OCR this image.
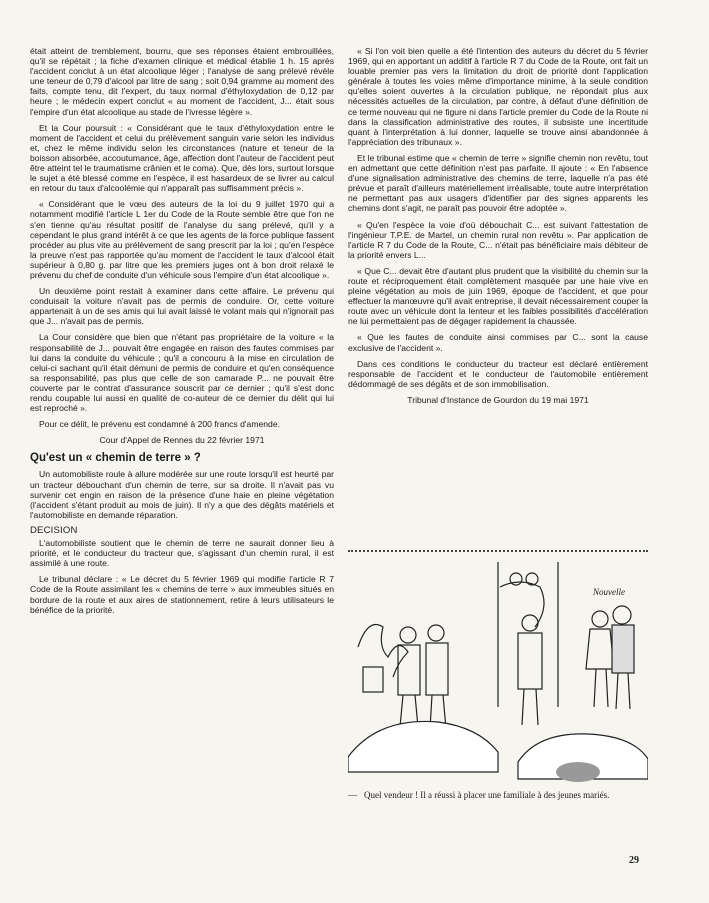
était atteint de tremblement, bourru, que ses réponses étaient embrouillées, qu'il se répétait ; la fiche d'examen clinique et médical établie 1 h. 15 après l'accident conclut à un état alcoolique léger ; l'analyse de sang prélevé révèle une teneur de 0,79 d'alcool par litre de sang ; soit 0,94 gramme au moment des faits, compte tenu, dit l'expert, du taux normal d'éthyloxydation de 0,12 par heure ; le médecin expert conclut « au moment de l'accident, J... était sous l'empire d'un état alcoolique au stade de l'ivresse légère ».

Et la Cour poursuit : « Considérant que le taux d'éthyloxydation entre le moment de l'accident et celui du prélèvement sanguin varie selon les individus et, chez le même individu selon les circonstances (nature et teneur de la boisson absorbée, accoutumance, âge, affection dont l'auteur de l'accident peut être atteint tel le traumatisme crânien et le coma). Que, dès lors, surtout lorsque le sujet a été blessé comme en l'espèce, il est hasardeux de se livrer au calcul en retour du taux d'alcoolémie qui n'apparaît pas suffisamment précis ».

« Considérant que le vœu des auteurs de la loi du 9 juillet 1970 qui a notamment modifié l'article L 1er du Code de la Route semble être que l'on ne s'en tienne qu'au résultat positif de l'analyse du sang prélevé, qu'il y a cependant le plus grand intérêt à ce que les agents de la force publique fassent procéder au plus vite au prélèvement de sang prescrit par la loi ; qu'en l'espèce la preuve n'est pas rapportée qu'au moment de l'accident le taux d'alcool était supérieur à 0,80 g. par litre que les premiers juges ont à bon droit relaxé le prévenu du chef de conduite d'un véhicule sous l'empire d'un état alcoolique ».

Un deuxième point restait à examiner dans cette affaire. Le prévenu qui conduisait la voiture n'avait pas de permis de conduire. Or, cette voiture appartenait à un de ses amis qui lui avait laissé le volant mais qui n'ignorait pas que J... n'avait pas de permis.

La Cour considère que bien que n'étant pas propriétaire de la voiture « la responsabilité de J... pouvait être engagée en raison des fautes commises par lui dans la conduite du véhicule ; qu'il a concouru à la mise en circulation de celui-ci sachant qu'il était démuni de permis de conduire et qu'en conséquence sa responsabilité, pas plus que celle de son camarade P... ne pouvait être couverte par le contrat d'assurance souscrit par ce dernier ; qu'il s'est donc rendu coupable lui aussi en qualité de co-auteur de ce dernier du délit qui lui est reproché ».

Pour ce délit, le prévenu est condamné à 200 francs d'amende.

Cour d'Appel de Rennes du 22 février 1971

Qu'est un « chemin de terre » ?

Un automobiliste roule à allure modérée sur une route lorsqu'il est heurté par un tracteur débouchant d'un chemin de terre, sur sa droite. Il n'avait pas vu survenir cet engin en raison de la présence d'une haie en pleine végétation (l'accident s'étant produit au mois de juin). Il n'y a que des dégâts matériels et l'automobiliste en demande réparation.

DECISION

L'automobiliste soutient que le chemin de terre ne saurait donner lieu à priorité, et le conducteur du tracteur que, s'agissant d'un chemin rural, il est assimilé à une route.

Le tribunal déclare : « Le décret du 5 février 1969 qui modifie l'article R 7 Code de la Route assimilant les « chemins de terre » aux immeubles situés en bordure de la route et aux aires de stationnement, retire à leurs utilisateurs le bénéfice de la priorité.

« Si l'on voit bien quelle a été l'intention des auteurs du décret du 5 février 1969, qui en apportant un additif à l'article R 7 du Code de la Route, ont fait un louable premier pas vers la limitation du droit de priorité dont l'application générale à toutes les voies même d'importance minime, à la seule condition qu'elles soient ouvertes à la circulation publique, ne répondait plus aux nécessités actuelles de la circulation, par contre, à défaut d'une définition de ce terme nouveau qui ne figure ni dans l'article premier du Code de la Route ni dans la classification administrative des routes, il subsiste une incertitude quant à l'interprétation à lui donner, laquelle se trouve ainsi abandonnée à l'appréciation des tribunaux ».

Et le tribunal estime que « chemin de terre » signifie chemin non revêtu, tout en admettant que cette définition n'est pas parfaite. Il ajoute : « En l'absence d'une signalisation administrative des chemins de terre, laquelle n'a pas été prévue et paraît d'ailleurs matériellement irréalisable, toute autre interprétation ne permettant pas aux usagers d'identifier par des signes apparents les chemins dont s'agit, ne paraît pas pouvoir être adoptée ».

« Qu'en l'espèce la voie d'où débouchait C... est suivant l'attestation de l'ingénieur T.P.E. de Martel, un chemin rural non revêtu ». Par application de l'article R 7 du Code de la Route, C... n'était pas bénéficiaire mais débiteur de la priorité envers L...

« Que C... devait être d'autant plus prudent que la visibilité du chemin sur la route et réciproquement était complètement masquée par une haie vive en pleine végétation au mois de juin 1969, époque de l'accident, et que pour effectuer la manœuvre qu'il avait entreprise, il devait nécessairement couper la route avec un véhicule dont la lenteur et les faibles possibilités d'accélération ne lui permettaient pas de dégager rapidement la chaussée.

« Que les fautes de conduite ainsi commises par C... sont la cause exclusive de l'accident ».

Dans ces conditions le conducteur du tracteur est déclaré entièrement responsable de l'accident et le conducteur de l'automobile entièrement dédommagé de ses dégâts et de son immobilisation.

Tribunal d'Instance de Gourdon du 19 mai 1971

Nouvelle
— Quel vendeur ! Il a réussi à placer une familiale à des jeunes mariés.
29
